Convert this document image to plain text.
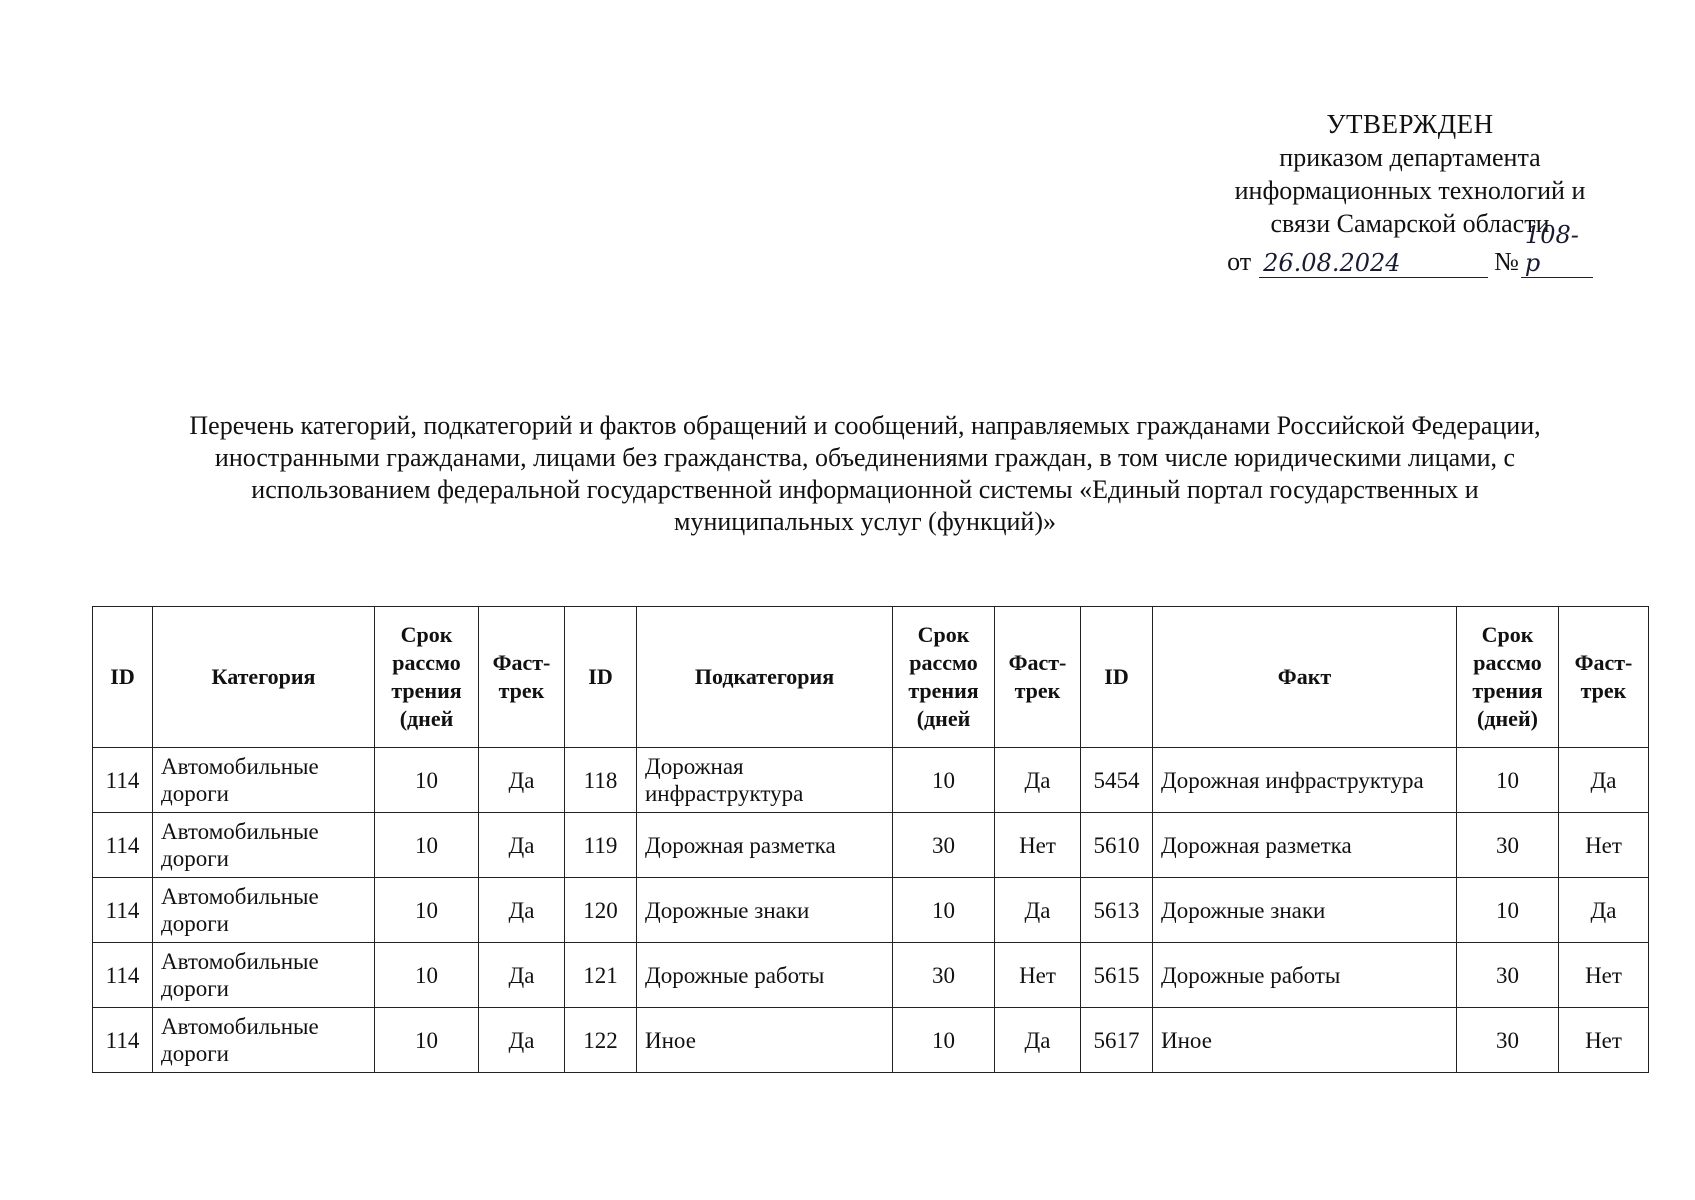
УТВЕРЖДЕН
приказом департамента
информационных технологий и
связи Самарской области
от 26.08.2024	№
108-р
Перечень категорий, подкатегорий и фактов обращений и сообщений, направляемых гражданами Российской Федерации,
иностранными гражданами, лицами без гражданства, объединениями граждан, в том числе юридическими лицами, с
использованием федеральной государственной информационной системы «Единый портал государственных и
муниципальных услуг (функций)»
ID	Категория	Срок рассмо трения (дней	Фаст-трек	ID	Подкатегория	Срок рассмо трения (дней	Фаст-трек	ID	Факт	Срок рассмо трения (дней)	Фаст-трек
114	Автомобильные дороги	10	Да	118	Дорожная инфраструктура	10	Да	5454	Дорожная инфраструктура	10	Да
114	Автомобильные дороги	10	Да	119	Дорожная разметка	30	Нет	5610	Дорожная разметка	30	Нет
114	Автомобильные дороги	10	Да	120	Дорожные знаки	10	Да	5613	Дорожные знаки	10	Да
114	Автомобильные дороги	10	Да	121	Дорожные работы	30	Нет	5615	Дорожные работы	30	Нет
114	Автомобильные дороги	10	Да	122	Иное	10	Да	5617	Иное	30	Нет
